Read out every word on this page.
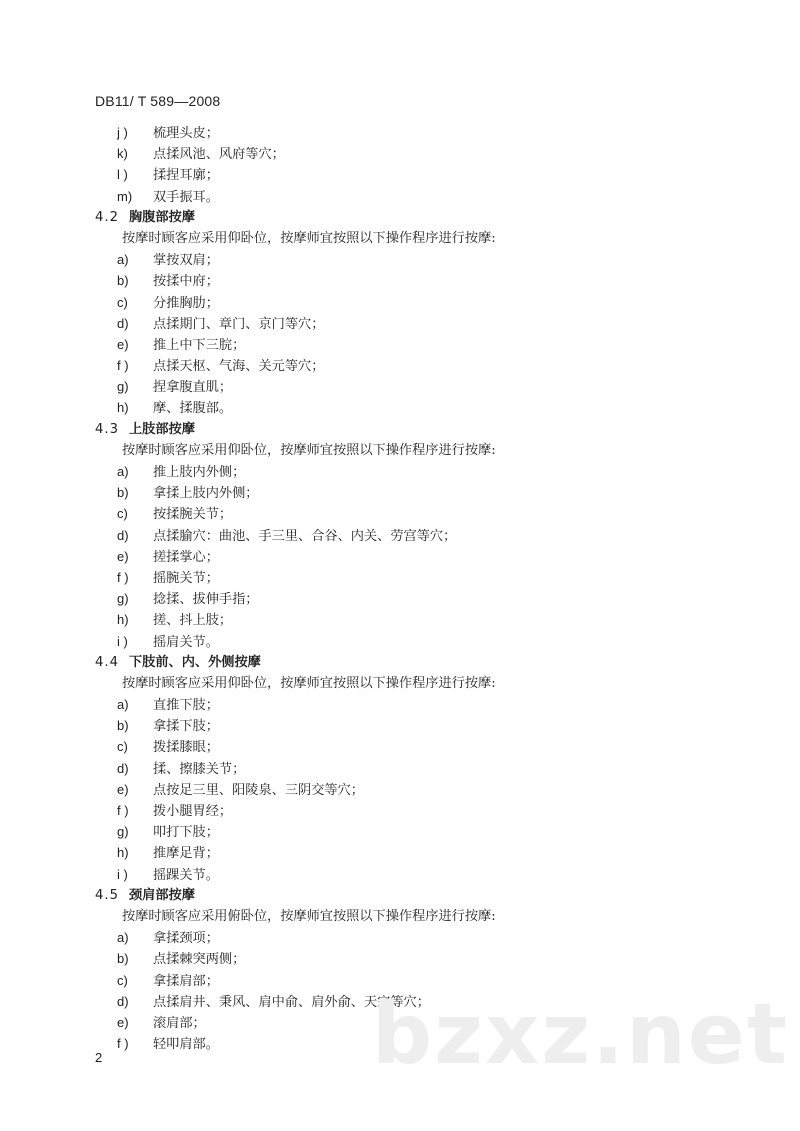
DB11/ T 589—2008
j ) 梳理头皮；
k) 点揉风池、风府等穴；
l ) 揉捏耳廓；
m) 双手振耳。
4.2 胸腹部按摩
按摩时顾客应采用仰卧位，按摩师宜按照以下操作程序进行按摩:
a) 掌按双肩；
b) 按揉中府；
c) 分推胸肋；
d) 点揉期门、章门、京门等穴；
e) 推上中下三脘；
f ) 点揉天枢、气海、关元等穴；
g) 捏拿腹直肌；
h) 摩、揉腹部。
4.3 上肢部按摩
按摩时顾客应采用仰卧位，按摩师宜按照以下操作程序进行按摩:
a) 推上肢内外侧；
b) 拿揉上肢内外侧；
c) 按揉腕关节；
d) 点揉腧穴：曲池、手三里、合谷、内关、劳宫等穴；
e) 搓揉掌心；
f ) 摇腕关节；
g) 捻揉、拔伸手指；
h) 搓、抖上肢；
i ) 摇肩关节。
4.4 下肢前、内、外侧按摩
按摩时顾客应采用仰卧位，按摩师宜按照以下操作程序进行按摩:
a) 直推下肢；
b) 拿揉下肢；
c) 拨揉膝眼；
d) 揉、擦膝关节；
e) 点按足三里、阳陵泉、三阴交等穴；
f ) 拨小腿胃经；
g) 叩打下肢；
h) 推摩足背；
i ) 摇踝关节。
4.5 颈肩部按摩
按摩时顾客应采用俯卧位，按摩师宜按照以下操作程序进行按摩:
a) 拿揉颈项；
b) 点揉棘突两侧；
c) 拿揉肩部；
d) 点揉肩井、秉风、肩中俞、肩外俞、天宗等穴；
e) 滚肩部；
f ) 轻叩肩部。
2	bzxz.net
